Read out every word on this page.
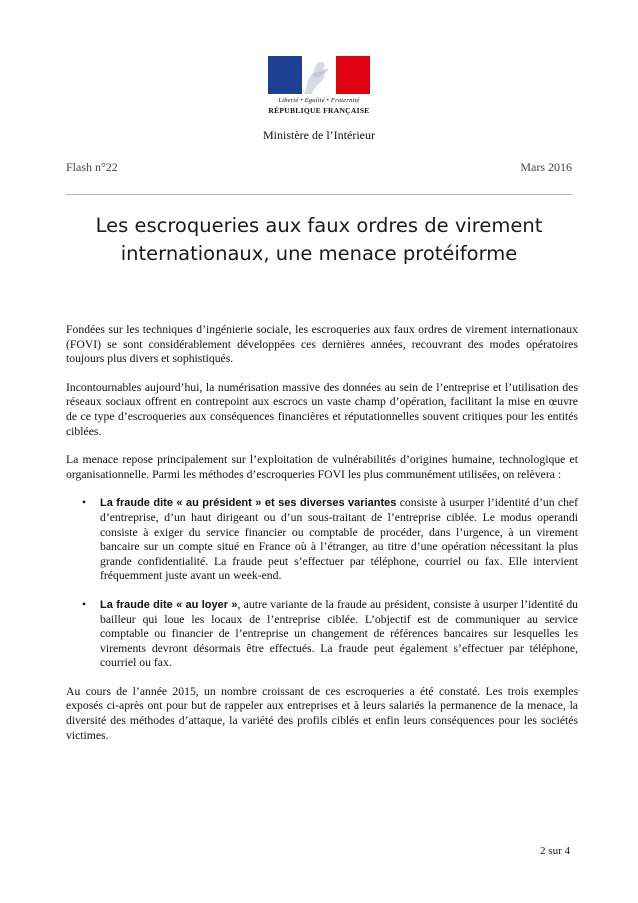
Liberté • Égalité • Fraternité
RÉPUBLIQUE FRANÇAISE
Ministère de l’Intérieur
Flash n°22	Mars 2016
Les escroqueries aux faux ordres de virement
internationaux, une menace protéiforme

Fondées sur les techniques d’ingénierie sociale, les escroqueries aux faux ordres de virement internationaux (FOVI) se sont considérablement développées ces dernières années, recouvrant des modes opératoires toujours plus divers et sophistiqués.

Incontournables aujourd’hui, la numérisation massive des données au sein de l’entreprise et l’utilisation des réseaux sociaux offrent en contrepoint aux escrocs un vaste champ d’opération, facilitant la mise en œuvre de ce type d’escroqueries aux conséquences financières et réputationnelles souvent critiques pour les entités ciblées.

La menace repose principalement sur l’exploitation de vulnérabilités d’origines humaine, technologique et organisationnelle. Parmi les méthodes d’escroqueries FOVI les plus communément utilisées, on relèvera :

• La fraude dite « au président » et ses diverses variantes consiste à usurper l’identité d’un chef d’entreprise, d’un haut dirigeant ou d’un sous-traitant de l’entreprise ciblée. Le modus operandi consiste à exiger du service financier ou comptable de procéder, dans l’urgence, à un virement bancaire sur un compte situé en France où à l’étranger, au titre d’une opération nécessitant la plus grande confidentialité. La fraude peut s’effectuer par téléphone, courriel ou fax. Elle intervient fréquemment juste avant un week-end.
• La fraude dite « au loyer », autre variante de la fraude au président, consiste à usurper l’identité du bailleur qui loue les locaux de l’entreprise ciblée. L’objectif est de communiquer au service comptable ou financier de l’entreprise un changement de références bancaires sur lesquelles les virements devront désormais être effectués. La fraude peut également s’effectuer par téléphone, courriel ou fax.

Au cours de l’année 2015, un nombre croissant de ces escroqueries a été constaté. Les trois exemples exposés ci-après ont pour but de rappeler aux entreprises et à leurs salariés la permanence de la menace, la diversité des méthodes d’attaque, la variété des profils ciblés et enfin leurs conséquences pour les sociétés victimes.

2 sur 4
